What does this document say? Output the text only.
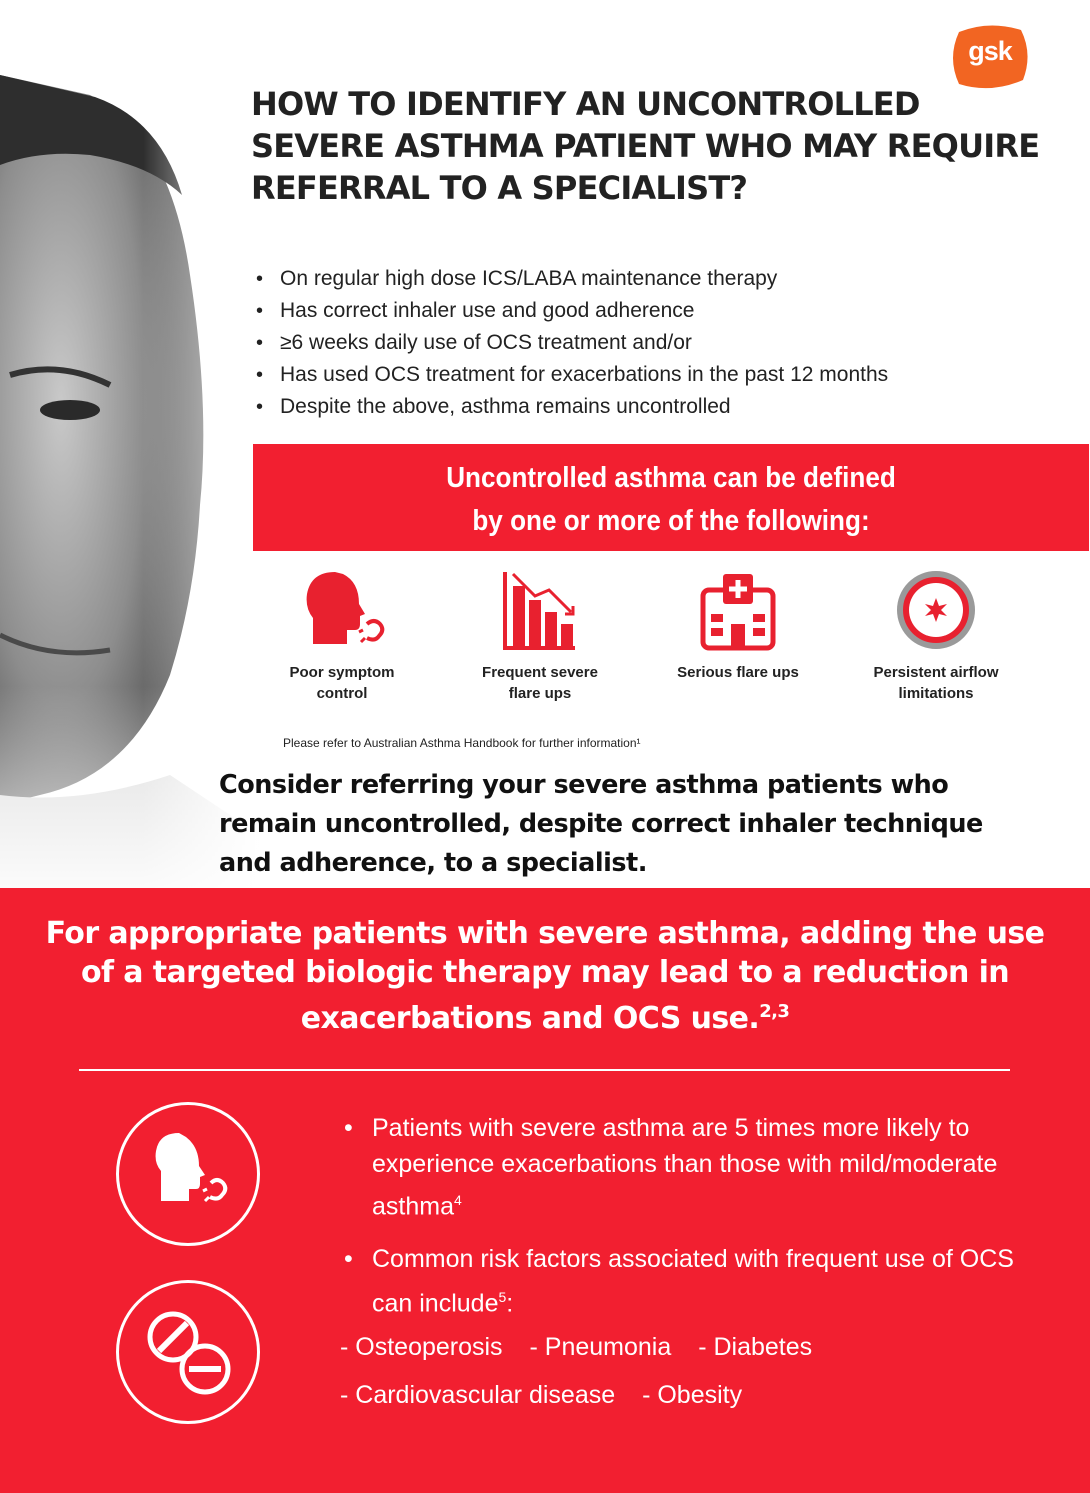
gsk
HOW TO IDENTIFY AN UNCONTROLLED SEVERE ASTHMA PATIENT WHO MAY REQUIRE REFERRAL TO A SPECIALIST?
• On regular high dose ICS/LABA maintenance therapy
• Has correct inhaler use and good adherence
• ≥6 weeks daily use of OCS treatment and/or
• Has used OCS treatment for exacerbations in the past 12 months
• Despite the above, asthma remains uncontrolled
Uncontrolled asthma can be defined
by one or more of the following:
Poor symptom
control
Frequent severe
flare ups
Serious flare ups	Persistent airflow
limitations
Please refer to Australian Asthma Handbook for further information¹

Consider referring your severe asthma patients who remain uncontrolled, despite correct inhaler technique and adherence, to a specialist.

For appropriate patients with severe asthma, adding the use of a targeted biologic therapy may lead to a reduction in exacerbations and OCS use.$^{2,3}$
• Patients with severe asthma are 5 times more likely to experience exacerbations than those with mild/moderate asthma$^4$
• Common risk factors associated with frequent use of OCS can include$^5$:
- Osteoperosis - Pneumonia - Diabetes
- Cardiovascular disease - Obesity
